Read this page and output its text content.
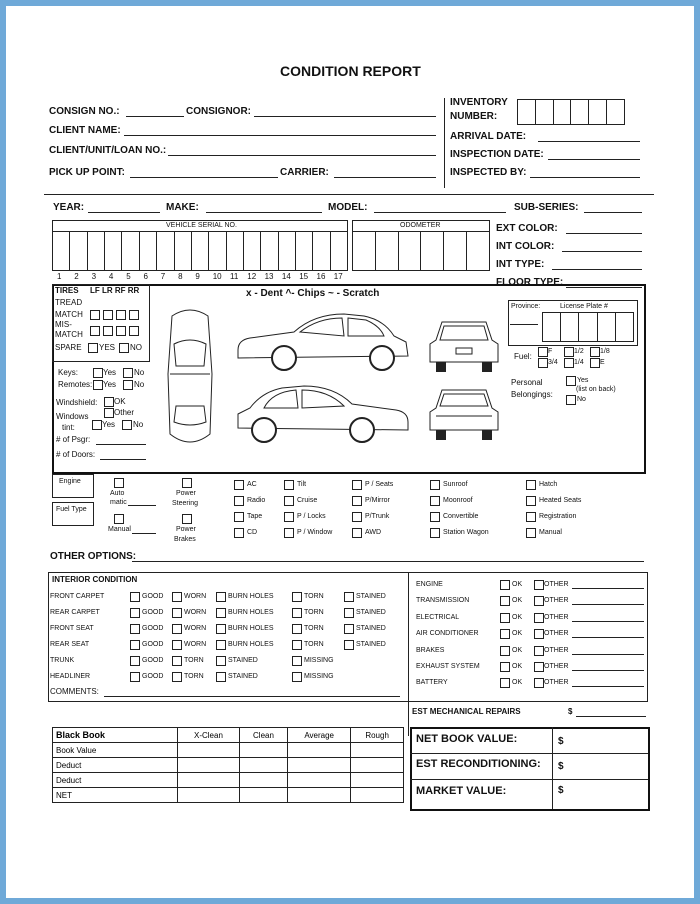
CONDITION REPORT
CONSIGN NO.:	CONSIGNOR:
CLIENT NAME:
CLIENT/UNIT/LOAN NO.:
PICK UP POINT:	CARRIER:
INVENTORY
NUMBER:
ARRIVAL DATE:
INSPECTION DATE:
INSPECTED BY:
YEAR:	MAKE:	MODEL:	SUB-SERIES:
VEHICLE SERIAL NO.	ODOMETER	EXT COLOR:
INT COLOR:
INT TYPE:
FLOOR TYPE:
TIRES LF LR RF RR
TREAD
MATCH
MIS-
MATCH
SPARE YES NO
x - Dent ^- Chips ~ - Scratch
Keys:	Yes No
Remotes: Yes No
Windshield: OK
Other
Windows
tint:	Yes No
# of Psgr:
# of Doors:
Province:	License Plate #
Fuel:
F	1/2 1/8
3/4 1/4 E
Personal
Belongings:
Yes
(list on back)
No
Engine
Fuel Type
Auto
matic
Manual
Power
Steering
Power
Brakes
OTHER OPTIONS:
INTERIOR CONDITION
COMMENTS:
EST MECHANICAL REPAIRS	$
Black Book	X-Clean	Clean	Average	Rough
Book Value				
Deduct				
Deduct				
NET				
NET BOOK VALUE:	$
EST RECONDITIONING: $
MARKET VALUE:	$
1 2 3 4 5 6 7 8 9 10 11 12 13 14 15 16 17
AC
Radio
Tape
CD
Tilt
Cruise
P / Locks
P / Window
P / Seats
P/Mirror
P/Trunk
AWD
Sunroof
Moonroof
Convertible
Station Wagon
Hatch
Heated Seats
Registration
Manual
FRONT CARPET	GOOD	WORN	BURN HOLES	TORN	STAINED
REAR CARPET	GOOD	WORN	BURN HOLES	TORN	STAINED
FRONT SEAT	GOOD	WORN	BURN HOLES	TORN	STAINED
REAR SEAT	GOOD	WORN	BURN HOLES	TORN	STAINED
TRUNK	GOOD	TORN	STAINED	MISSING
HEADLINER	GOOD	TORN	STAINED	MISSING
ENGINE	OK	OTHER
TRANSMISSION	OK	OTHER
ELECTRICAL	OK	OTHER
AIR CONDITIONER	OK	OTHER
BRAKES	OK	OTHER
EXHAUST SYSTEM	OK	OTHER
BATTERY	OK	OTHER
